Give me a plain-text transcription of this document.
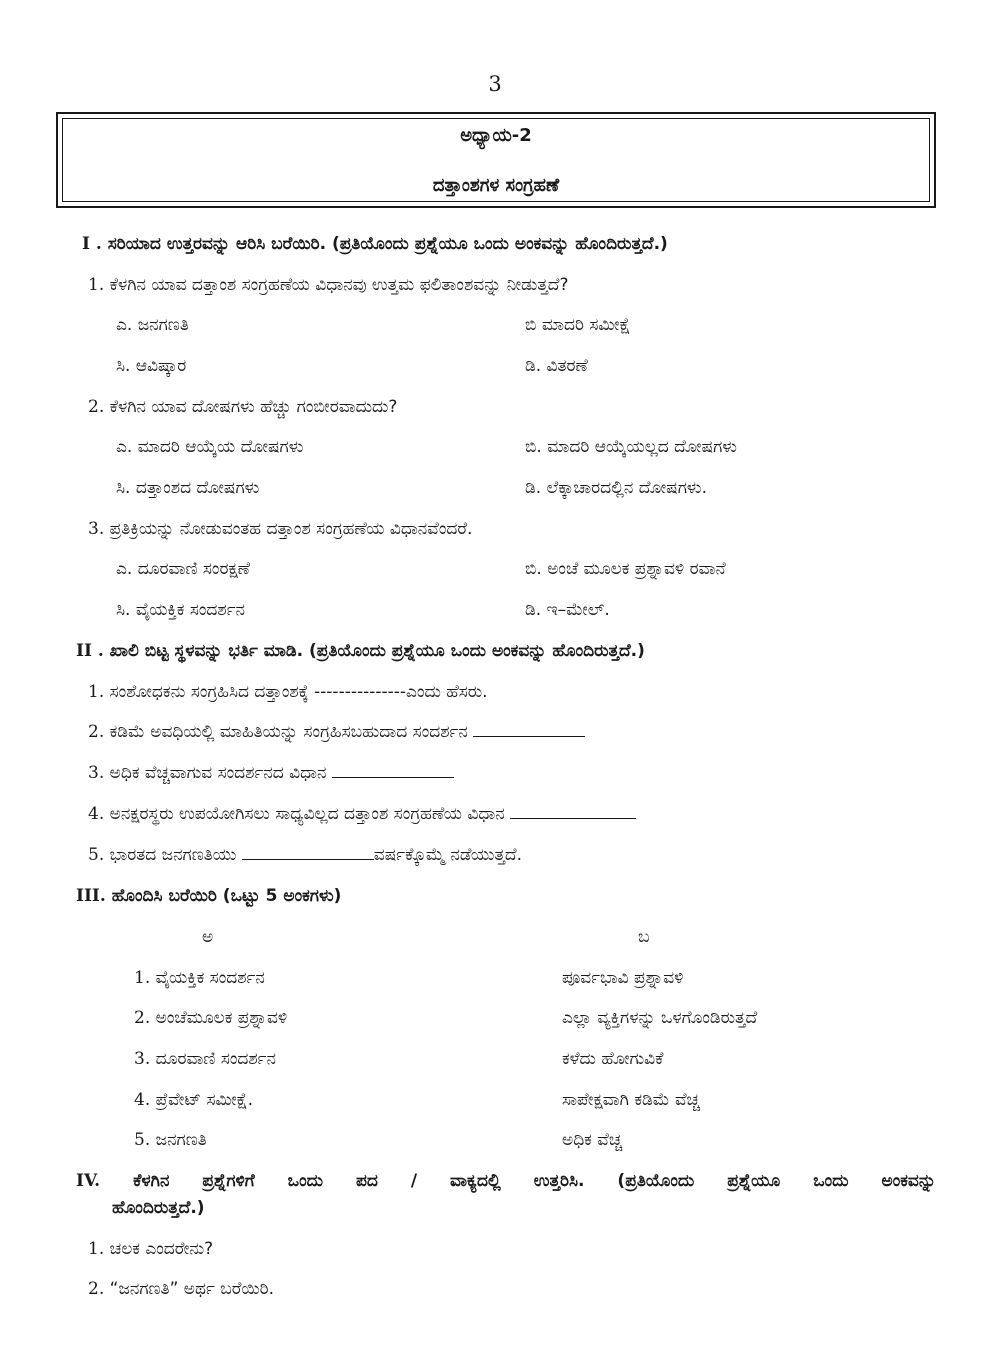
3
ಅಧ್ಯಾಯ-2
ದತ್ತಾಂಶಗಳ ಸಂಗ್ರಹಣೆ
I . ಸರಿಯಾದ ಉತ್ತರವನ್ನು ಆರಿಸಿ ಬರೆಯಿರಿ. (ಪ್ರತಿಯೊಂದು ಪ್ರಶ್ನೆಯೂ ಒಂದು ಅಂಕವನ್ನು ಹೊಂದಿರುತ್ತದೆ.)
1. ಕೆಳಗಿನ ಯಾವ ದತ್ತಾಂಶ ಸಂಗ್ರಹಣೆಯ ವಿಧಾನವು ಉತ್ತಮ ಫಲಿತಾಂಶವನ್ನು ನೀಡುತ್ತದೆ?
ಎ. ಜನಗಣತಿ	ಬಿ ಮಾದರಿ ಸಮೀಕ್ಷೆ
ಸಿ. ಆವಿಷ್ಕಾರ	ಡಿ. ವಿತರಣೆ
2. ಕೆಳಗಿನ ಯಾವ ದೋಷಗಳು ಹೆಚ್ಚು ಗಂಬೀರವಾದುದು?
ಎ. ಮಾದರಿ ಆಯ್ಕೆಯ ದೋಷಗಳು	ಬಿ. ಮಾದರಿ ಆಯ್ಕೆಯಲ್ಲದ ದೋಷಗಳು
ಸಿ. ದತ್ತಾಂಶದ ದೋಷಗಳು	ಡಿ. ಲೆಕ್ಕಾಚಾರದಲ್ಲಿನ ದೋಷಗಳು.
3. ಪ್ರತಿಕ್ರಿಯನ್ನು ನೋಡುವಂತಹ ದತ್ತಾಂಶ ಸಂಗ್ರಹಣೆಯ ವಿಧಾನವೆಂದರೆ.
ಎ. ದೂರವಾಣಿ ಸಂರಕ್ಷಣೆ	ಬಿ. ಅಂಚೆ ಮೂಲಕ ಪ್ರಶ್ನಾವಳಿ ರವಾನೆ
ಸಿ. ವೈಯಕ್ತಿಕ ಸಂದರ್ಶನ	ಡಿ. ಇ–ಮೇಲ್.
II . ಖಾಲಿ ಬಿಟ್ಟ ಸ್ಥಳವನ್ನು ಭರ್ತಿ ಮಾಡಿ. (ಪ್ರತಿಯೊಂದು ಪ್ರಶ್ನೆಯೂ ಒಂದು ಅಂಕವನ್ನು ಹೊಂದಿರುತ್ತದೆ.)
1. ಸಂಶೋಧಕನು ಸಂಗ್ರಹಿಸಿದ ದತ್ತಾಂಶಕ್ಕೆ ---------------ಎಂದು ಹೆಸರು.
2. ಕಡಿಮೆ ಅವಧಿಯಲ್ಲಿ ಮಾಹಿತಿಯನ್ನು ಸಂಗ್ರಹಿಸಬಹುದಾದ ಸಂದರ್ಶನ
3. ಅಧಿಕ ವೆಚ್ಚವಾಗುವ ಸಂದರ್ಶನದ ವಿಧಾನ
4. ಅನಕ್ಷರಸ್ಥರು ಉಪಯೋಗಿಸಲು ಸಾಧ್ಯವಿಲ್ಲದ ದತ್ತಾಂಶ ಸಂಗ್ರಹಣೆಯ ವಿಧಾನ
5. ಭಾರತದ ಜನಗಣತಿಯು	ವರ್ಷಕ್ಕೊಮ್ಮೆ ನಡೆಯುತ್ತದೆ.
III. ಹೊಂದಿಸಿ ಬರೆಯಿರಿ (ಒಟ್ಟು 5 ಅಂಕಗಳು)
ಅ	ಬ
1. ವೈಯಕ್ತಿಕ ಸಂದರ್ಶನ	ಪೂರ್ವಭಾವಿ ಪ್ರಶ್ನಾವಳಿ
2. ಅಂಚೆಮೂಲಕ ಪ್ರಶ್ನಾವಳಿ	ಎಲ್ಲಾ ವ್ಯಕ್ತಿಗಳನ್ನು ಒಳಗೊಂಡಿರುತ್ತದೆ
3. ದೂರವಾಣಿ ಸಂದರ್ಶನ	ಕಳೆದು ಹೋಗುವಿಕೆ
4. ಪ್ರೆವೇಟ್ ಸಮೀಕ್ಷೆ.	ಸಾಪೇಕ್ಷವಾಗಿ ಕಡಿಮೆ ವೆಚ್ಚ
5. ಜನಗಣತಿ	ಅಧಿಕ ವೆಚ್ಚ
IV. ಕೆಳಗಿನ ಪ್ರಶ್ನೆಗಳಿಗೆ ಒಂದು ಪದ / ವಾಕ್ಯದಲ್ಲಿ ಉತ್ತರಿಸಿ. (ಪ್ರತಿಯೊಂದು ಪ್ರಶ್ನೆಯೂ ಒಂದು ಅಂಕವನ್ನು
ಹೊಂದಿರುತ್ತದೆ.)
1. ಚಲಕ ಎಂದರೇನು?
2. “ಜನಗಣತಿ” ಅರ್ಥ ಬರೆಯಿರಿ.
